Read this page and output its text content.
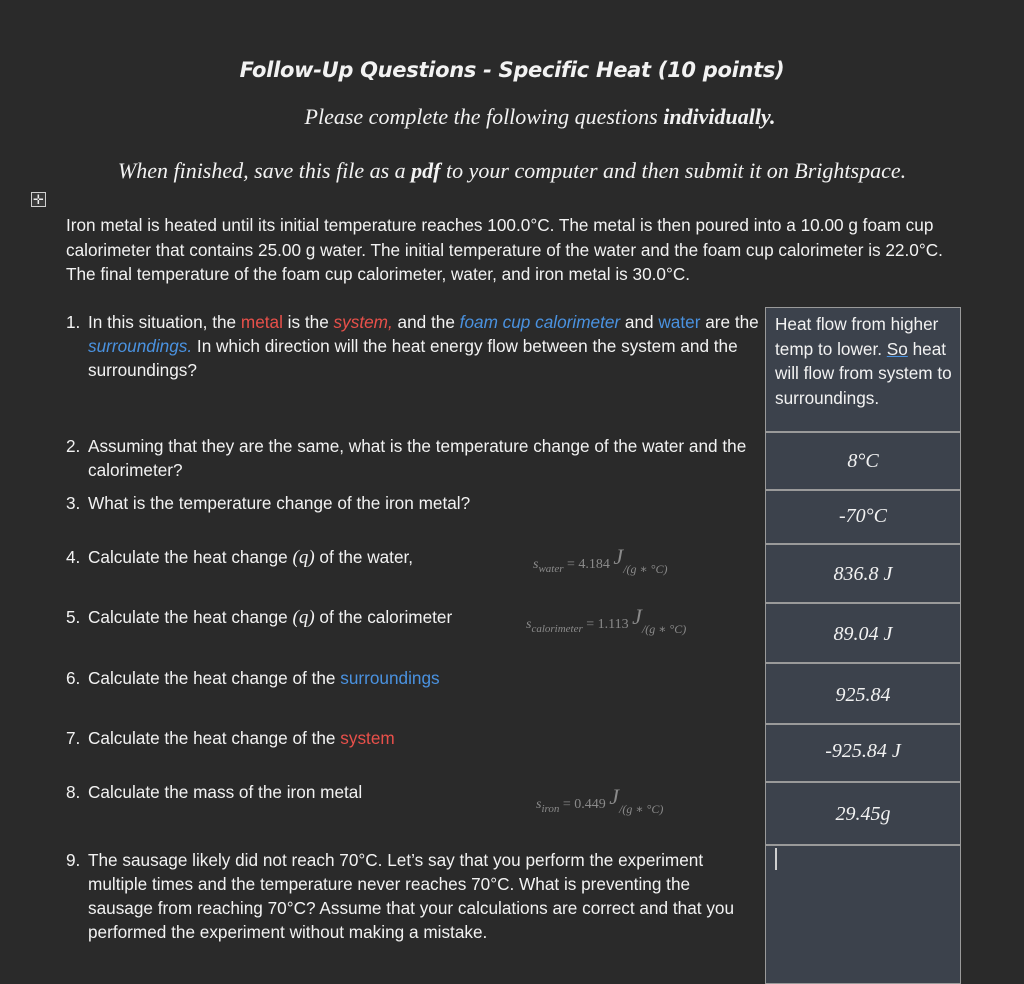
Follow-Up Questions - Specific Heat (10 points)
Please complete the following questions individually.
When finished, save this file as a pdf to your computer and then submit it on Brightspace.
✛
Iron metal is heated until its initial temperature reaches 100.0°C. The metal is then poured into a 10.00 g foam cup calorimeter that contains 25.00 g water. The initial temperature of the water and the foam cup calorimeter is 22.0°C. The final temperature of the foam cup calorimeter, water, and iron metal is 30.0°C.
1. In this situation, the metal is the system, and the foam cup calorimeter and water are the surroundings. In which direction will the heat energy flow between the system and the surroundings?
2. Assuming that they are the same, what is the temperature change of the water and the calorimeter?
3. What is the temperature change of the iron metal?
4. Calculate the heat change (q) of the water,	$s_{water} = 4.184$ J/(g ∗ °C)
5. Calculate the heat change (q) of the calorimeter	$s_{calorimeter} = 1.113$ J/(g ∗ °C)
6. Calculate the heat change of the surroundings
7. Calculate the heat change of the system
8. Calculate the mass of the iron metal
$s_{iron} = 0.449$ J/(g ∗ °C)
9. The sausage likely did not reach 70°C. Let’s say that you perform the experiment multiple times and the temperature never reaches 70°C. What is preventing the sausage from reaching 70°C? Assume that your calculations are correct and that you performed the experiment without making a mistake.
Heat flow from higher temp to lower. So heat will flow from system to surroundings.
8°C
-70°C
836.8 J
89.04 J
925.84
-925.84 J
29.45g
